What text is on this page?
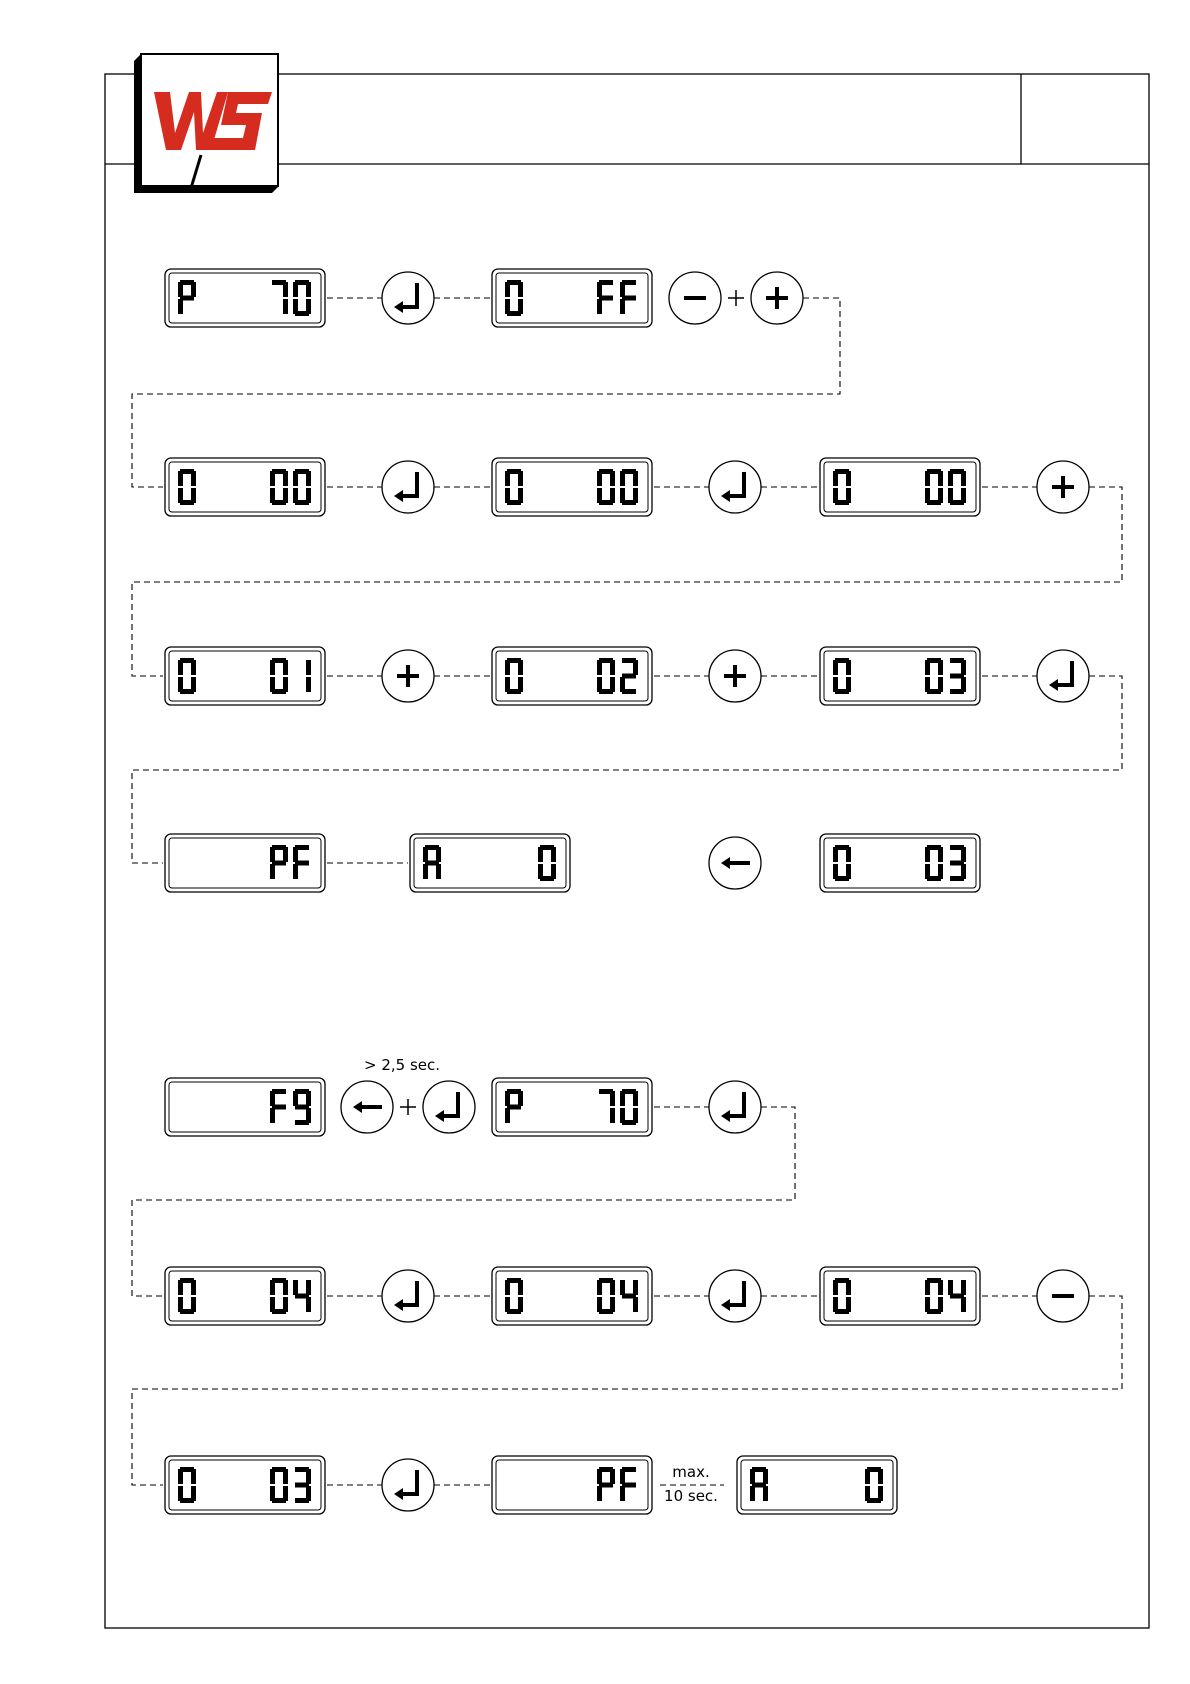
> 2,5 sec.
max.
10 sec.
